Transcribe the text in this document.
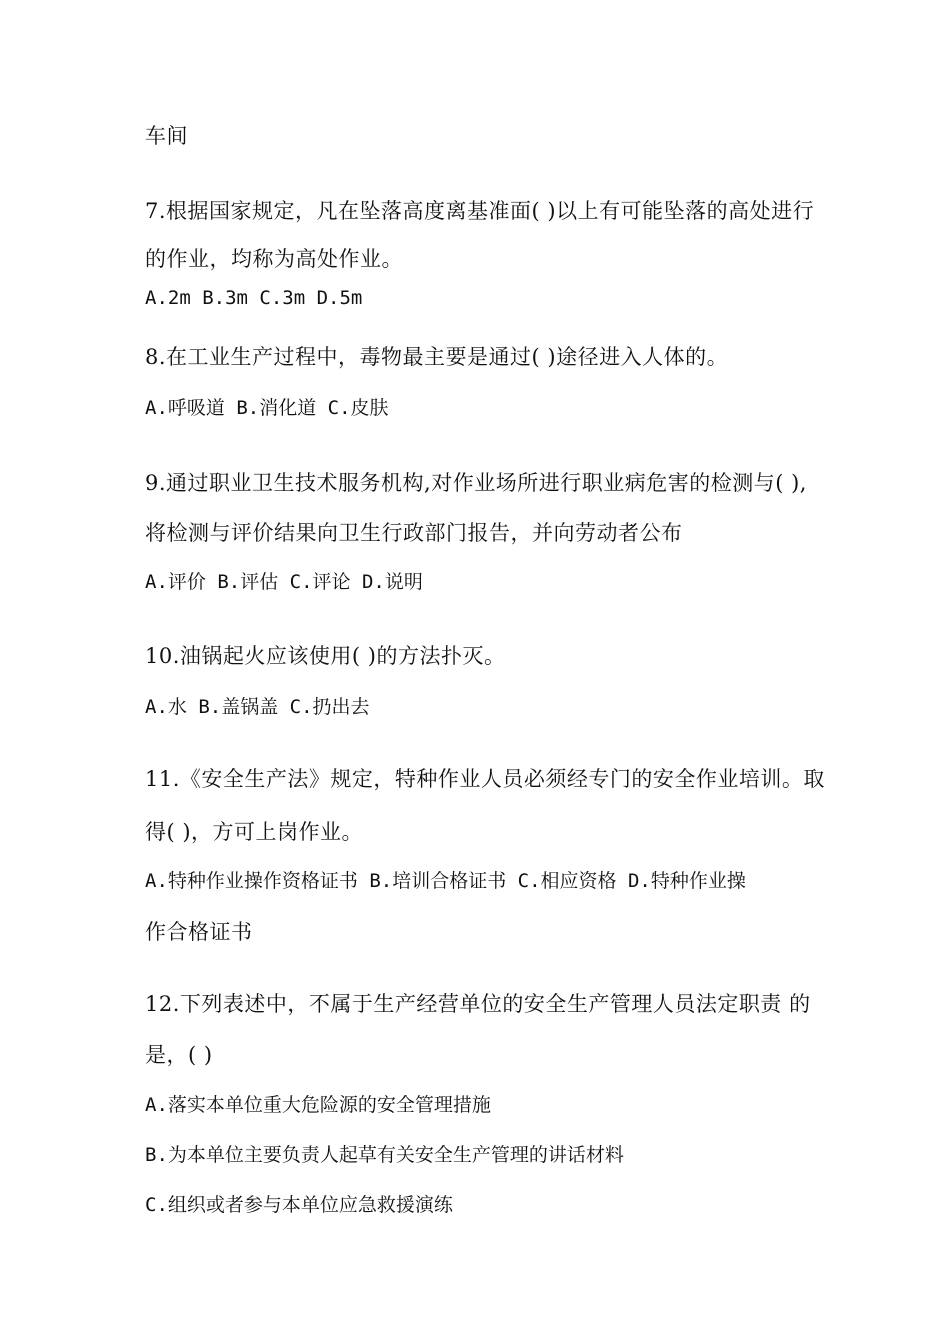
车间
7.根据国家规定，凡在坠落高度离基准面( )以上有可能坠落的高处进行
的作业，均称为高处作业。
A.2m B.3m C.3m D.5m
8.在工业生产过程中，毒物最主要是通过( )途径进入人体的。
A.呼吸道 B.消化道 C.皮肤
9.通过职业卫生技术服务机构,对作业场所进行职业病危害的检测与( ),
将检测与评价结果向卫生行政部门报告，并向劳动者公布
A.评价 B.评估 C.评论 D.说明
10.油锅起火应该使用( )的方法扑灭。
A.水 B.盖锅盖 C.扔出去
11.《安全生产法》规定，特种作业人员必须经专门的安全作业培训。取
得( )，方可上岗作业。
A.特种作业操作资格证书 B.培训合格证书 C.相应资格 D.特种作业操
作合格证书
12.下列表述中，不属于生产经营单位的安全生产管理人员法定职责 的
是，( )
A.落实本单位重大危险源的安全管理措施
B.为本单位主要负责人起草有关安全生产管理的讲话材料
C.组织或者参与本单位应急救援演练
